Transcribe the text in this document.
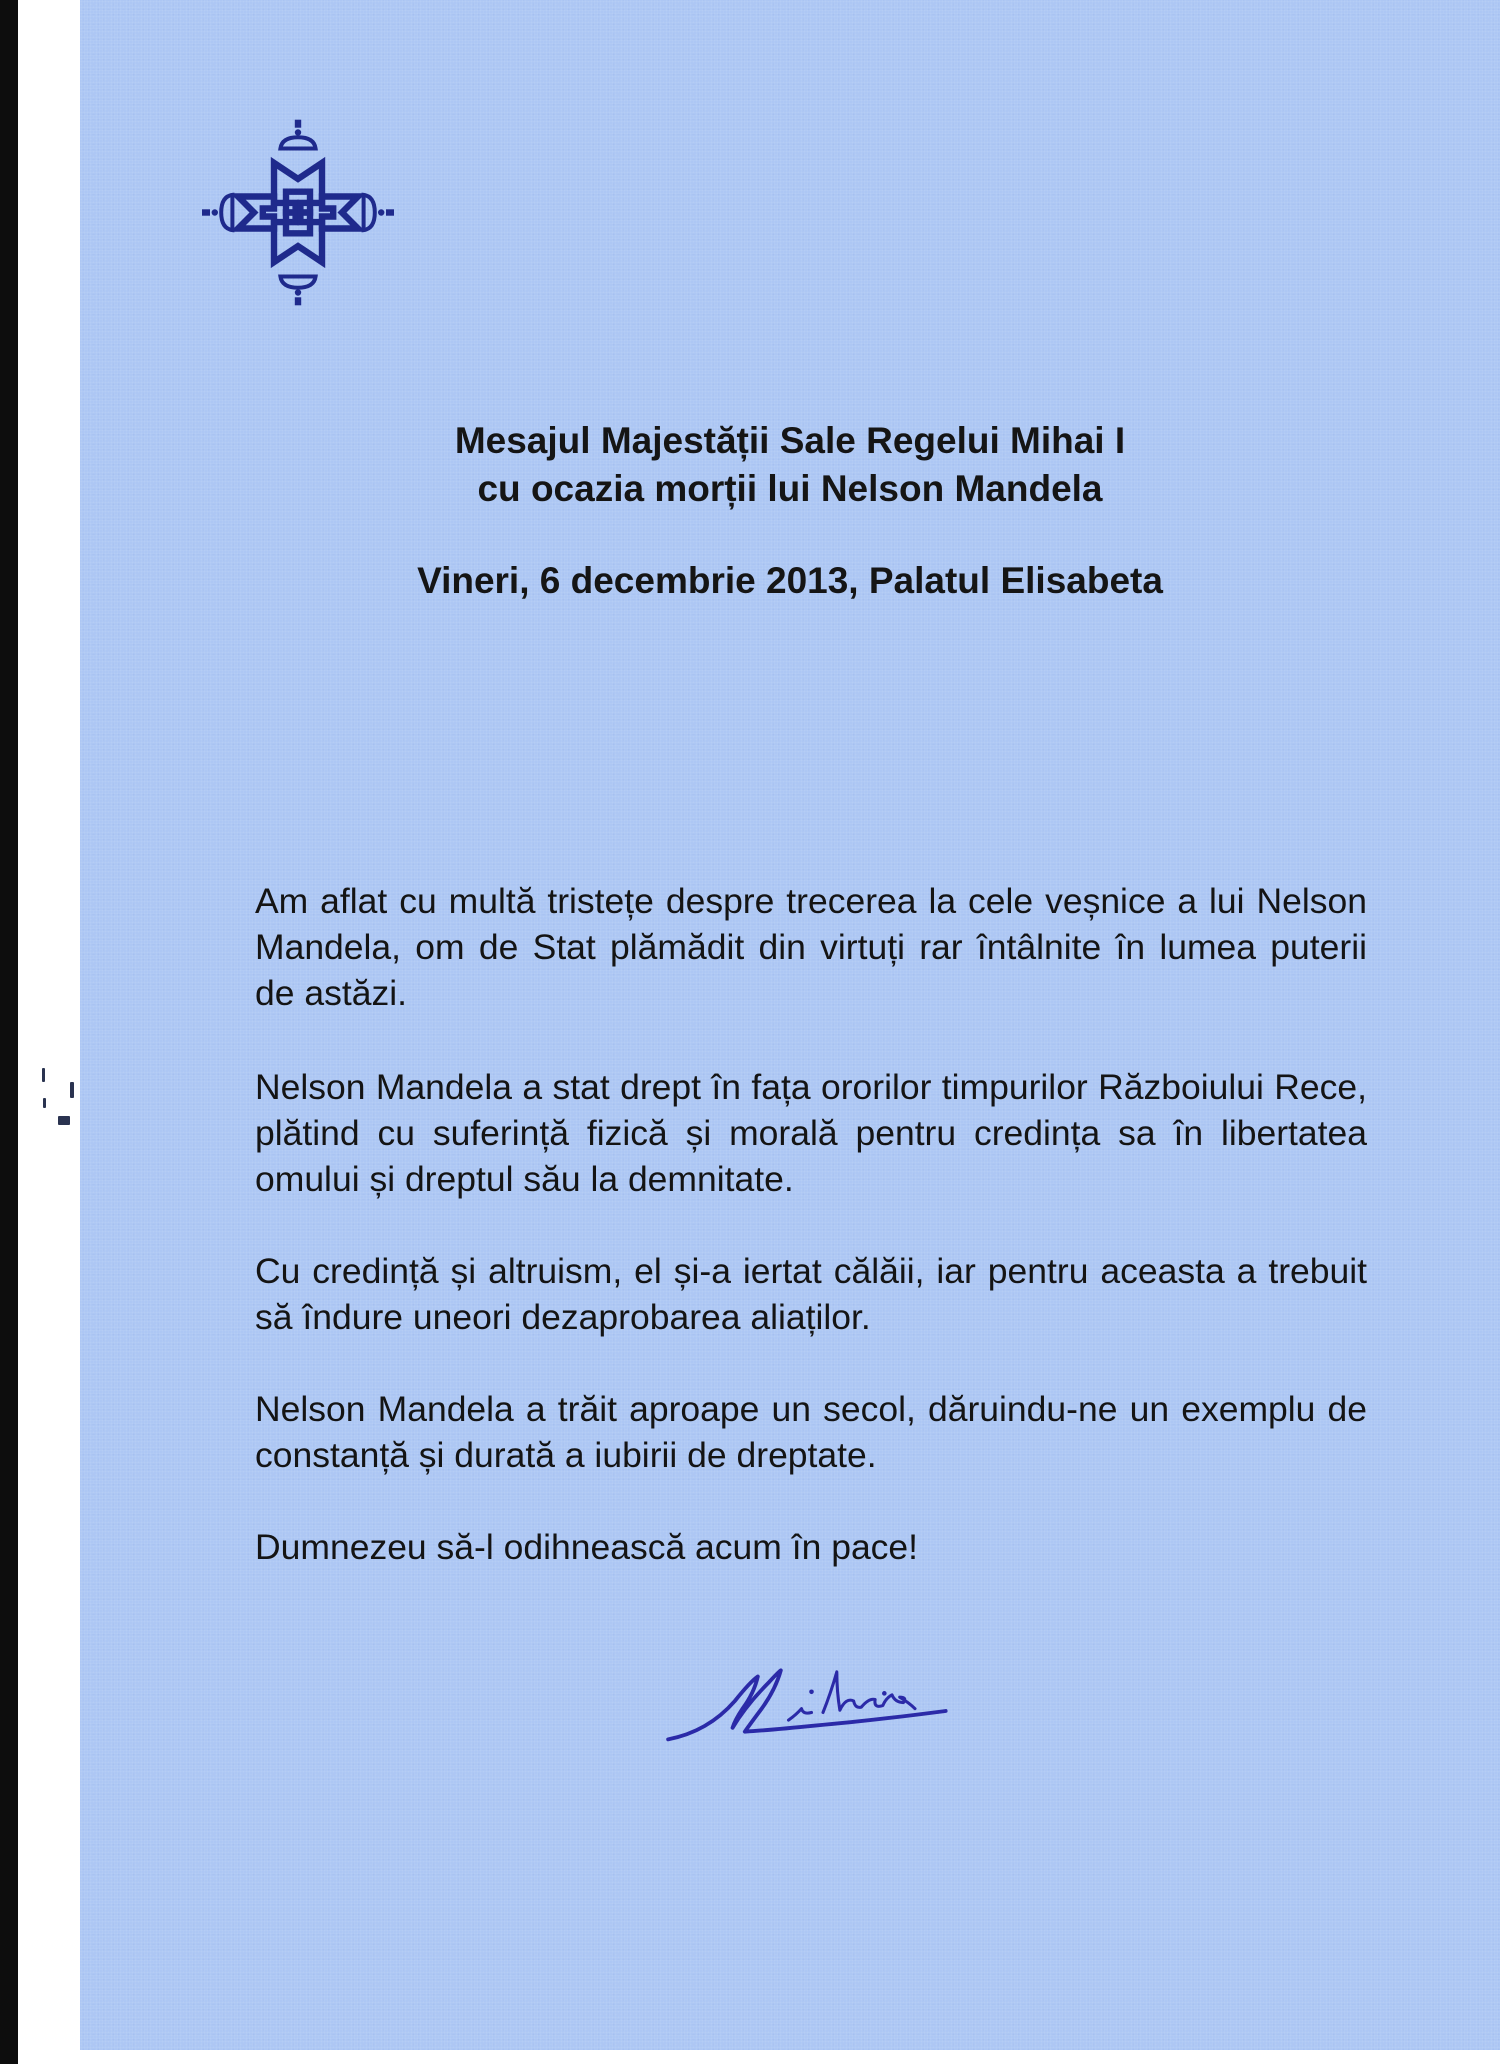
Mesajul Majestății Sale Regelui Mihai I
cu ocazia morții lui Nelson Mandela
Vineri, 6 decembrie 2013, Palatul Elisabeta

Am aflat cu multă tristețe despre trecerea la cele veșnice a lui Nelson Mandela, om de Stat plămădit din virtuți rar întâlnite în lumea puterii de astăzi.

Nelson Mandela a stat drept în fața ororilor timpurilor Războiului Rece, plătind cu suferință fizică și morală pentru credința sa în libertatea omului și dreptul său la demnitate.

Cu credință și altruism, el și-a iertat călăii, iar pentru aceasta a trebuit să îndure uneori dezaprobarea aliaților.

Nelson Mandela a trăit aproape un secol, dăruindu-ne un exemplu de constanță și durată a iubirii de dreptate.

Dumnezeu să-l odihnească acum în pace!
